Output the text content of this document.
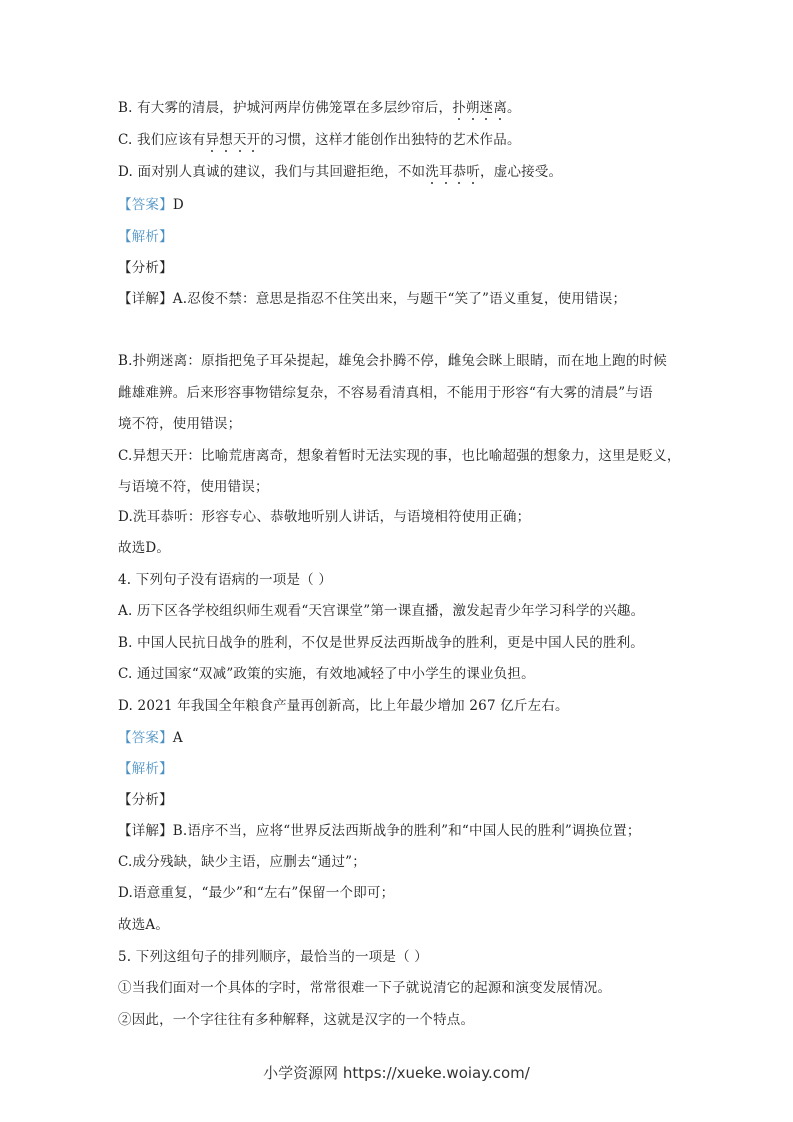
B. 有大雾的清晨，护城河两岸仿佛笼罩在多层纱帘后，扑朔迷离。
C. 我们应该有异想天开的习惯，这样才能创作出独特的艺术作品。
D. 面对别人真诚的建议，我们与其回避拒绝，不如洗耳恭听，虚心接受。
【答案】D
【解析】
【分析】
【详解】A.忍俊不禁：意思是指忍不住笑出来，与题干“笑了”语义重复，使用错误；
B.扑朔迷离：原指把兔子耳朵提起，雄兔会扑腾不停，雌兔会眯上眼睛，而在地上跑的时候
雌雄难辨。后来形容事物错综复杂，不容易看清真相，不能用于形容“有大雾的清晨”与语
境不符，使用错误；
C.异想天开：比喻荒唐离奇，想象着暂时无法实现的事，也比喻超强的想象力，这里是贬义，
与语境不符，使用错误；
D.洗耳恭听：形容专心、恭敬地听别人讲话，与语境相符使用正确；
故选D。
4. 下列句子没有语病的一项是（ ）
A. 历下区各学校组织师生观看“天宫课堂”第一课直播，激发起青少年学习科学的兴趣。
B. 中国人民抗日战争的胜利，不仅是世界反法西斯战争的胜利，更是中国人民的胜利。
C. 通过国家“双减”政策的实施，有效地减轻了中小学生的课业负担。
D. 2021 年我国全年粮食产量再创新高，比上年最少增加 267 亿斤左右。
【答案】A
【解析】
【分析】
【详解】B.语序不当，应将“世界反法西斯战争的胜利”和“中国人民的胜利”调换位置；
C.成分残缺，缺少主语，应删去“通过”；
D.语意重复，“最少”和“左右”保留一个即可；
故选A。
5. 下列这组句子的排列顺序，最恰当的一项是（ ）
①当我们面对一个具体的字时，常常很难一下子就说清它的起源和演变发展情况。
②因此，一个字往往有多种解释，这就是汉字的一个特点。
小学资源网 https://xueke.woiay.com/
